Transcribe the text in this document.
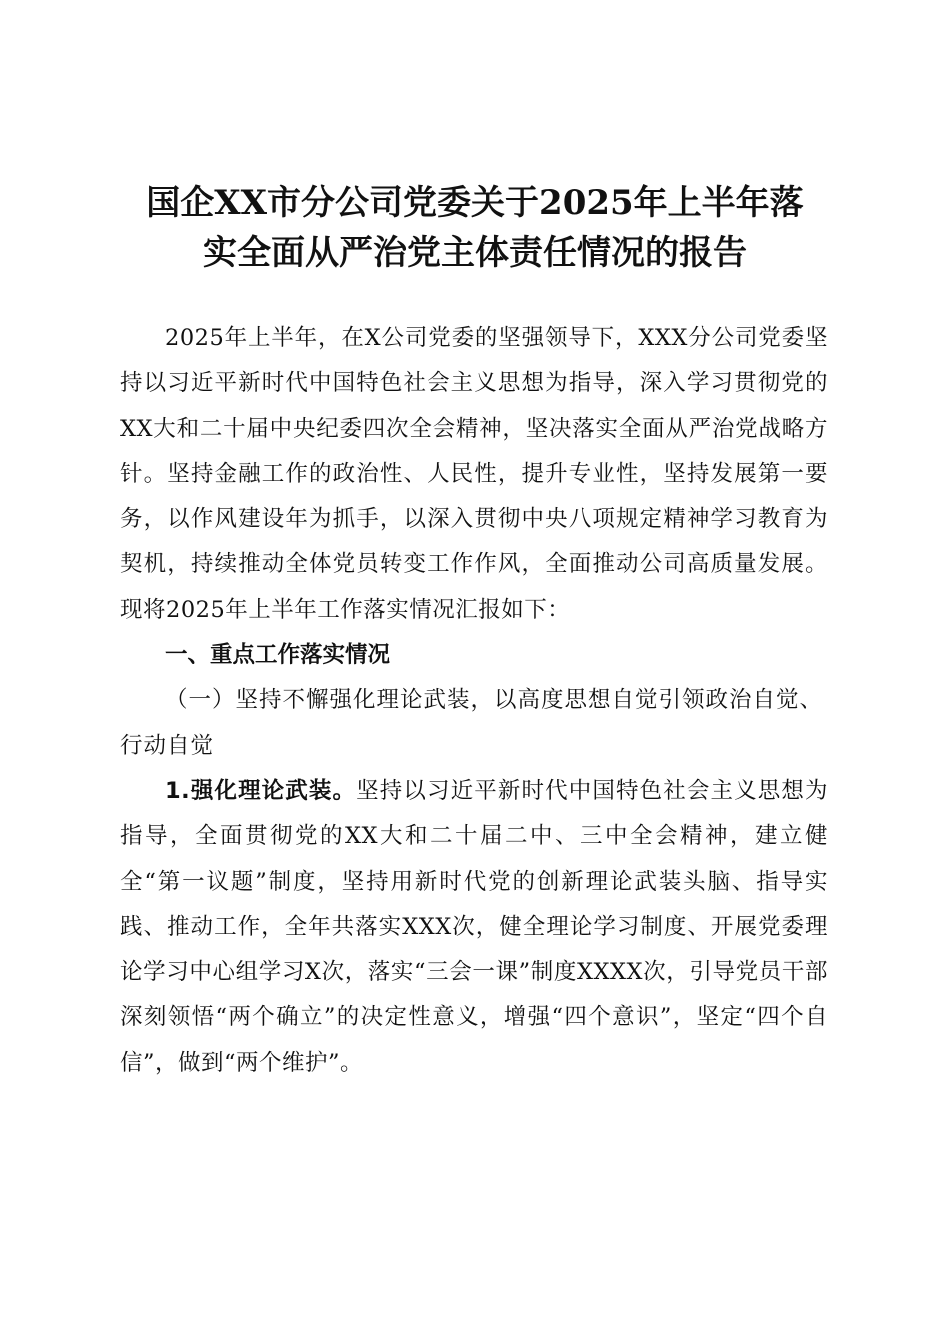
国企XX市分公司党委关于2025年上半年落
实全面从严治党主体责任情况的报告

2025年上半年，在X公司党委的坚强领导下，XXX分公司党委坚持以习近平新时代中国特色社会主义思想为指导，深入学习贯彻党的XX大和二十届中央纪委四次全会精神，坚决落实全面从严治党战略方针。坚持金融工作的政治性、人民性，提升专业性，坚持发展第一要务，以作风建设年为抓手，以深入贯彻中央八项规定精神学习教育为契机，持续推动全体党员转变工作作风，全面推动公司高质量发展。现将2025年上半年工作落实情况汇报如下：

一、重点工作落实情况

（一）坚持不懈强化理论武装，以高度思想自觉引领政治自觉、行动自觉

1.强化理论武装。坚持以习近平新时代中国特色社会主义思想为指导，全面贯彻党的XX大和二十届二中、三中全会精神，建立健全“第一议题”制度，坚持用新时代党的创新理论武装头脑、指导实践、推动工作，全年共落实XXX次，健全理论学习制度、开展党委理论学习中心组学习X次，落实“三会一课”制度XXXX次，引导党员干部深刻领悟“两个确立”的决定性意义，增强“四个意识”，坚定“四个自信”，做到“两个维护”。
